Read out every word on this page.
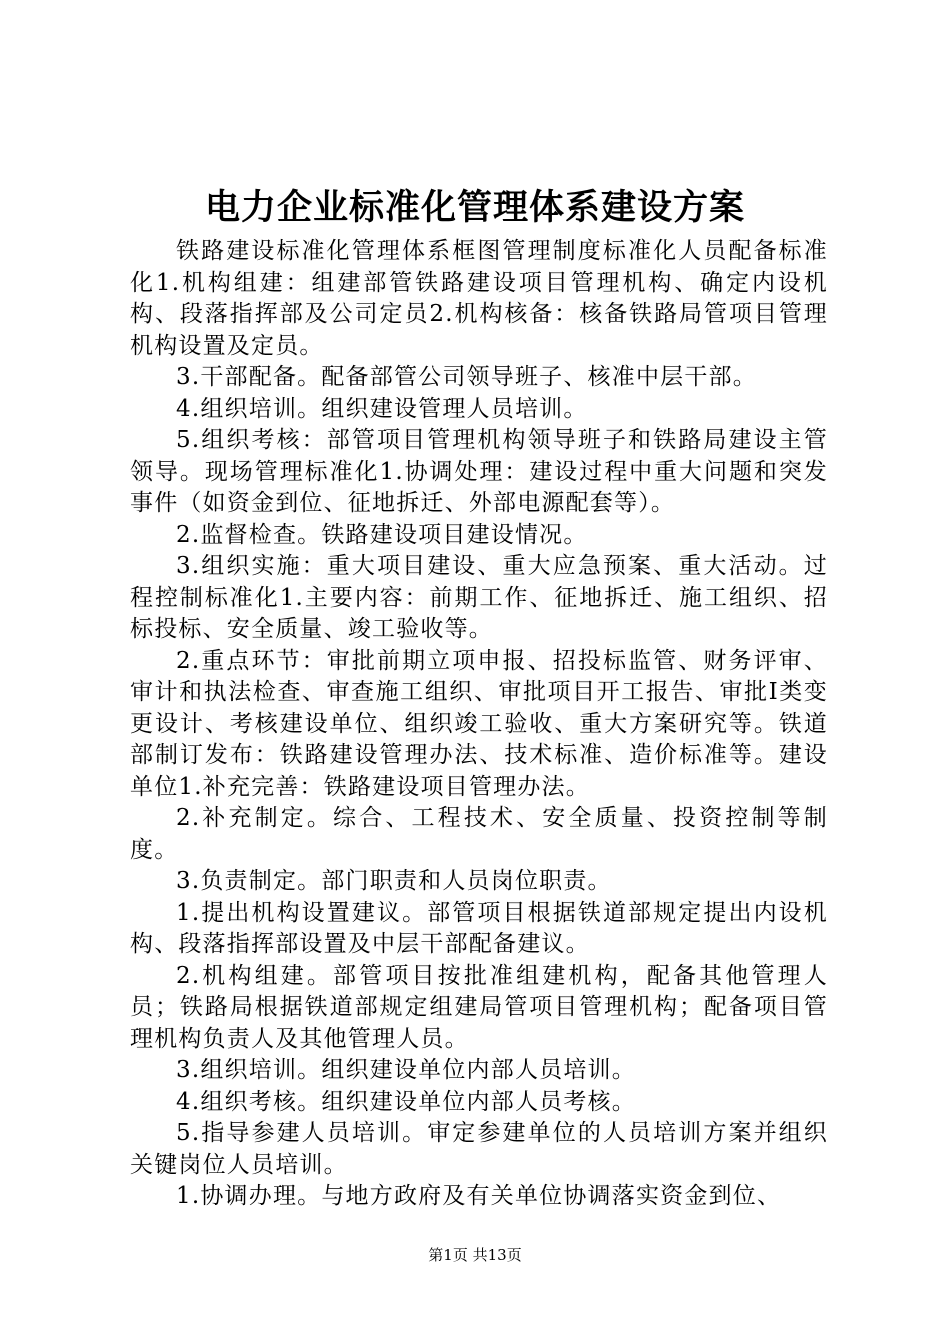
电力企业标准化管理体系建设方案

铁路建设标准化管理体系框图管理制度标准化人员配备标准化1.机构组建：组建部管铁路建设项目管理机构、确定内设机构、段落指挥部及公司定员2.机构核备：核备铁路局管项目管理机构设置及定员。

3.干部配备。配备部管公司领导班子、核准中层干部。

4.组织培训。组织建设管理人员培训。

5.组织考核：部管项目管理机构领导班子和铁路局建设主管领导。现场管理标准化1.协调处理：建设过程中重大问题和突发事件（如资金到位、征地拆迁、外部电源配套等）。

2.监督检查。铁路建设项目建设情况。

3.组织实施：重大项目建设、重大应急预案、重大活动。过程控制标准化1.主要内容：前期工作、征地拆迁、施工组织、招标投标、安全质量、竣工验收等。

2.重点环节：审批前期立项申报、招投标监管、财务评审、审计和执法检查、审查施工组织、审批项目开工报告、审批Ⅰ类变更设计、考核建设单位、组织竣工验收、重大方案研究等。铁道部制订发布：铁路建设管理办法、技术标准、造价标准等。建设单位1.补充完善：铁路建设项目管理办法。

2.补充制定。综合、工程技术、安全质量、投资控制等制度。

3.负责制定。部门职责和人员岗位职责。

1.提出机构设置建议。部管项目根据铁道部规定提出内设机构、段落指挥部设置及中层干部配备建议。

2.机构组建。部管项目按批准组建机构，配备其他管理人员；铁路局根据铁道部规定组建局管项目管理机构；配备项目管理机构负责人及其他管理人员。

3.组织培训。组织建设单位内部人员培训。

4.组织考核。组织建设单位内部人员考核。

5.指导参建人员培训。审定参建单位的人员培训方案并组织关键岗位人员培训。

1.协调办理。与地方政府及有关单位协调落实资金到位、

第1页 共13页
